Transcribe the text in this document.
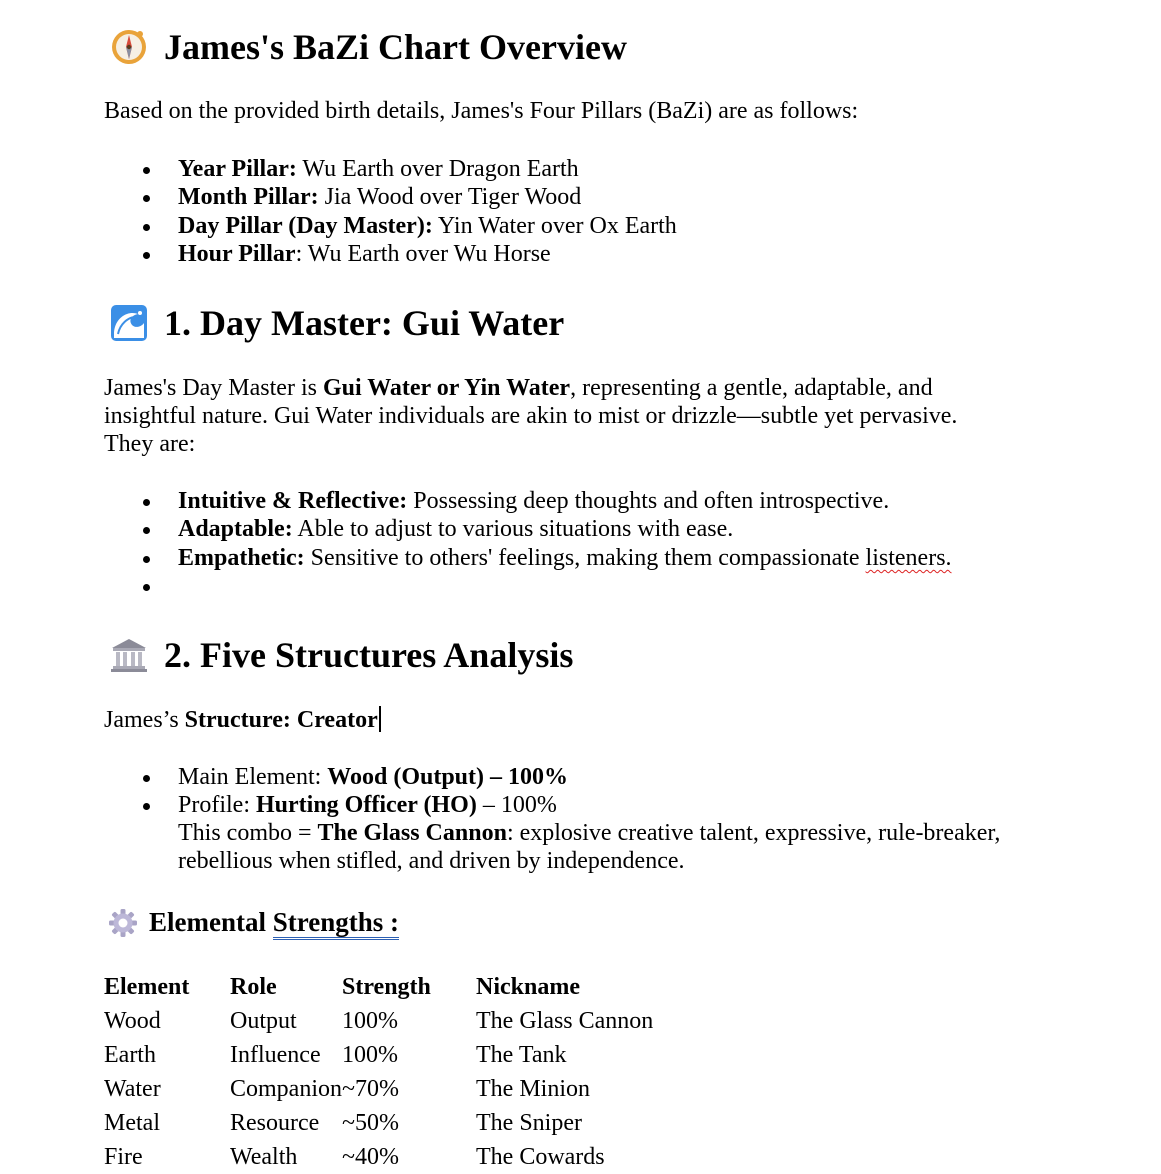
James's BaZi Chart Overview
Based on the provided birth details, James's Four Pillars (BaZi) are as follows:
Year Pillar: Wu Earth over Dragon Earth
Month Pillar: Jia Wood over Tiger Wood
Day Pillar (Day Master): Yin Water over Ox Earth
Hour Pillar: Wu Earth over Wu Horse
1. Day Master: Gui Water
James's Day Master is Gui Water or Yin Water, representing a gentle, adaptable, and
insightful nature. Gui Water individuals are akin to mist or drizzle—subtle yet pervasive.
They are:
Intuitive & Reflective: Possessing deep thoughts and often introspective.
Adaptable: Able to adjust to various situations with ease.
Empathetic: Sensitive to others' feelings, making them compassionate listeners.
2. Five Structures Analysis
James’s Structure: Creator
Main Element: Wood (Output) – 100%
Profile: Hurting Officer (HO) – 100%
This combo = The Glass Cannon: explosive creative talent, expressive, rule-breaker,
rebellious when stifled, and driven by independence.
Elemental Strengths :
Element	Role	Strength	Nickname
Wood	Output	100%	The Glass Cannon
Earth	Influence	100%	The Tank
Water	Companion	~70%	The Minion
Metal	Resource	~50%	The Sniper
Fire	Wealth	~40%	The Cowards
